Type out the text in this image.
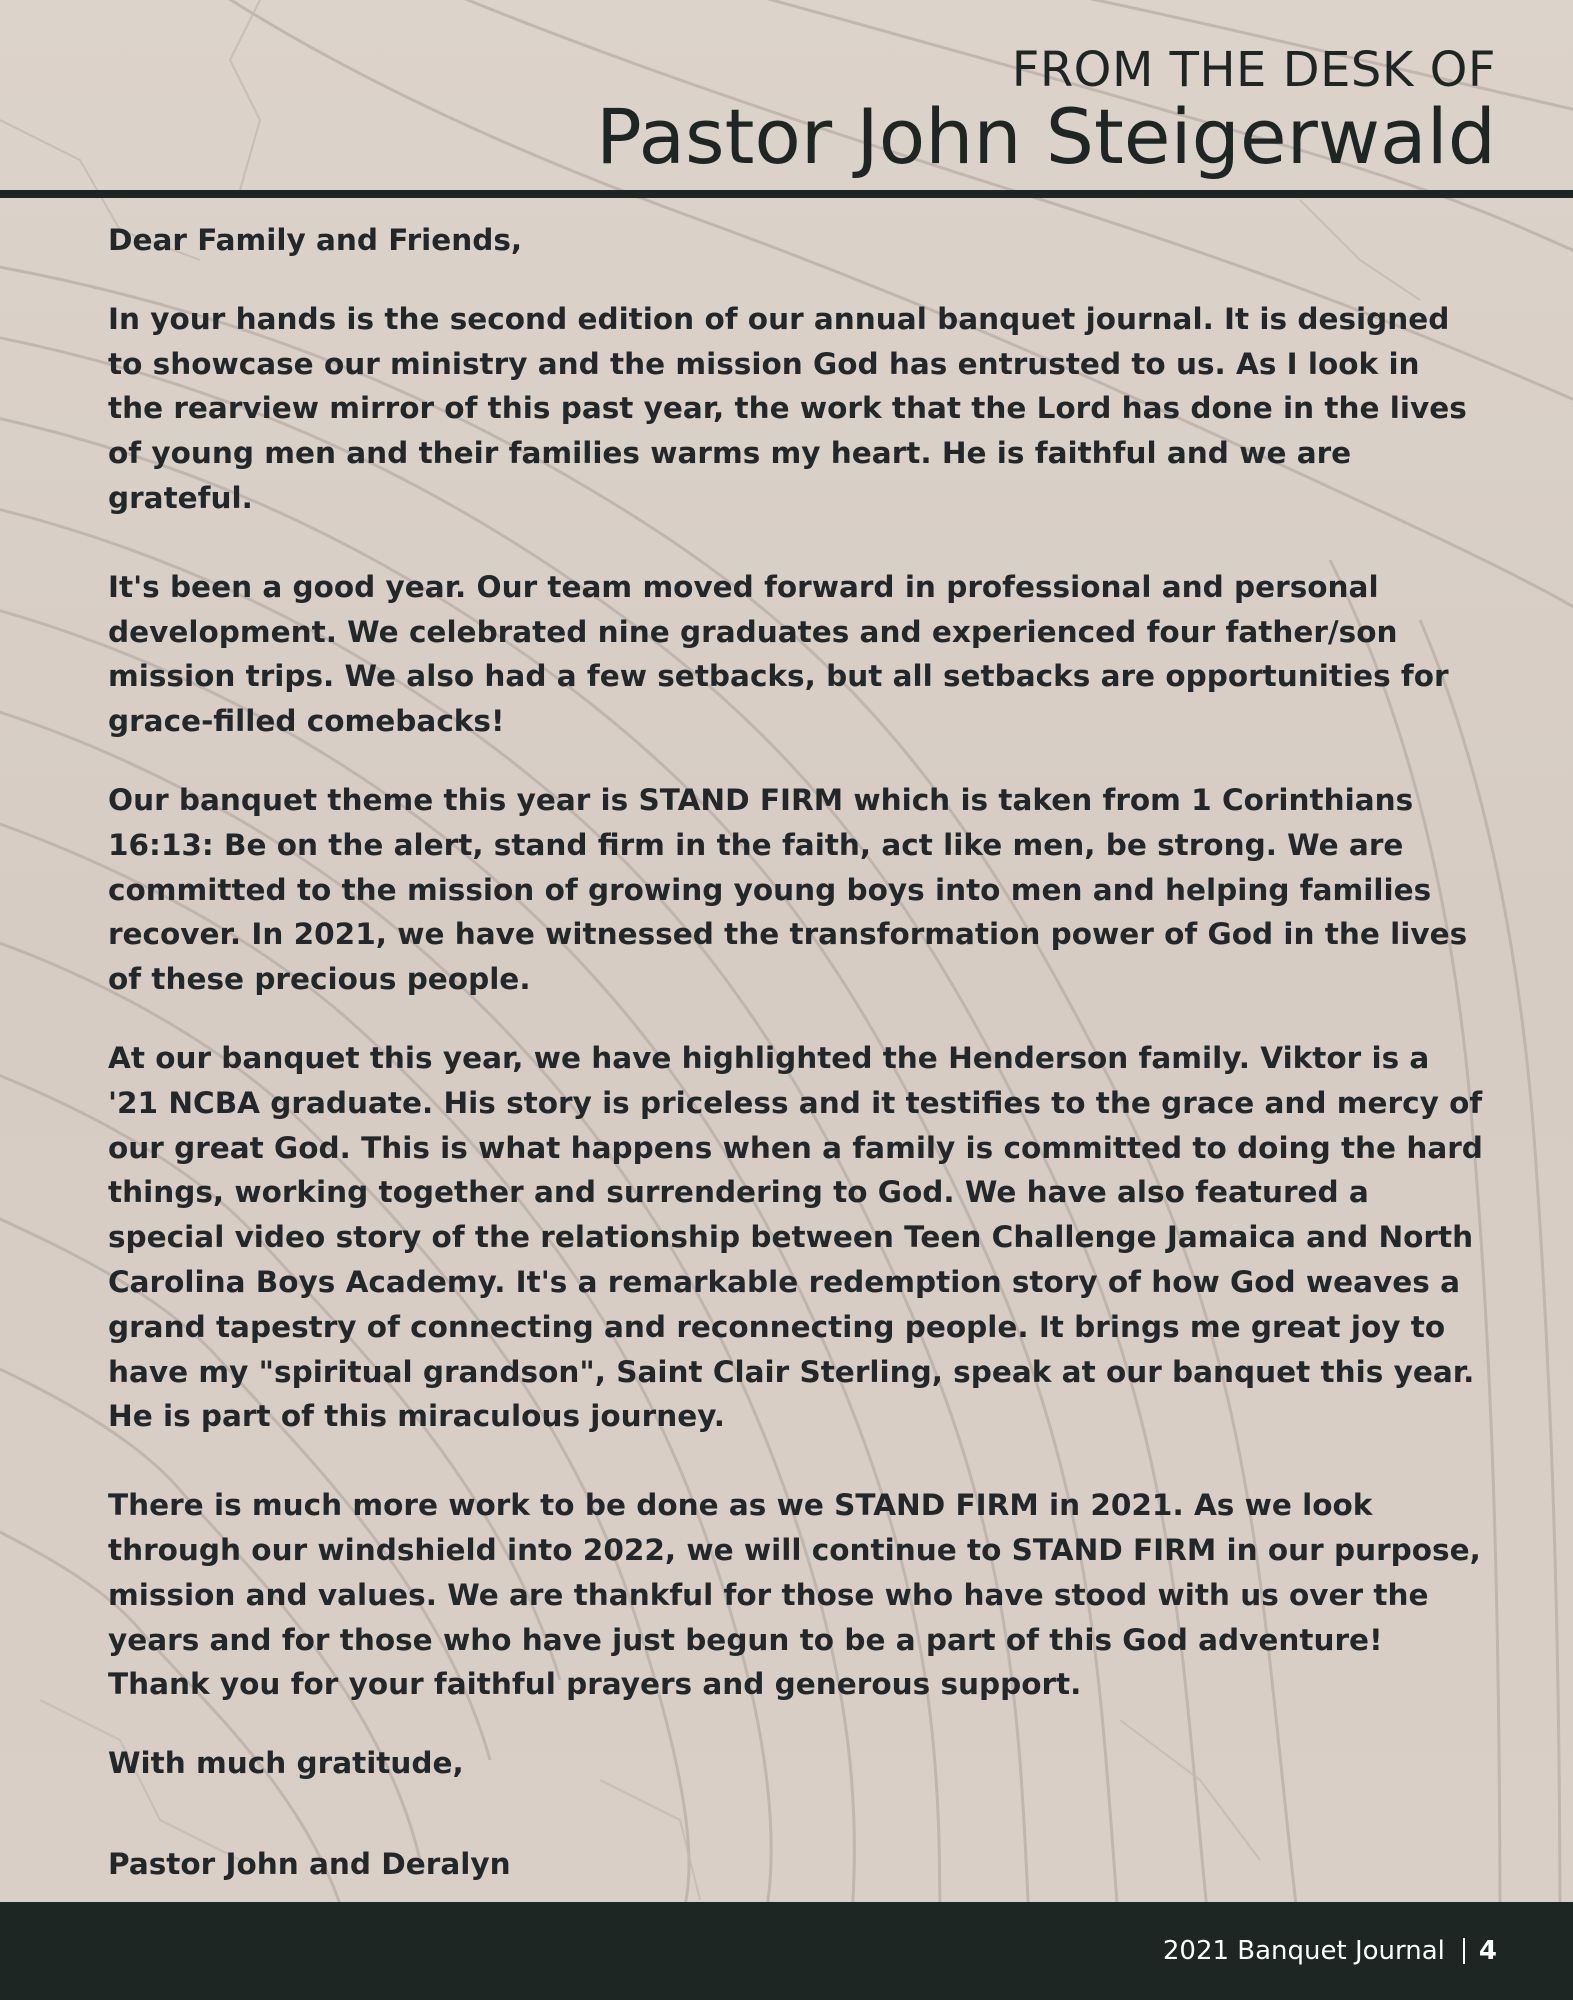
FROM THE DESK OF
Pastor John Steigerwald

Dear Family and Friends,

In your hands is the second edition of our annual banquet journal. It is designed to showcase our ministry and the mission God has entrusted to us. As I look in the rearview mirror of this past year, the work that the Lord has done in the lives of young men and their families warms my heart. He is faithful and we are grateful.

It's been a good year. Our team moved forward in professional and personal development. We celebrated nine graduates and experienced four father/son mission trips. We also had a few setbacks, but all setbacks are opportunities for grace-filled comebacks!

Our banquet theme this year is STAND FIRM which is taken from 1 Corinthians 16:13: Be on the alert, stand firm in the faith, act like men, be strong. We are committed to the mission of growing young boys into men and helping families recover. In 2021, we have witnessed the transformation power of God in the lives of these precious people.

At our banquet this year, we have highlighted the Henderson family. Viktor is a '21 NCBA graduate. His story is priceless and it testifies to the grace and mercy of our great God. This is what happens when a family is committed to doing the hard things, working together and surrendering to God. We have also featured a special video story of the relationship between Teen Challenge Jamaica and North Carolina Boys Academy. It's a remarkable redemption story of how God weaves a grand tapestry of connecting and reconnecting people. It brings me great joy to have my "spiritual grandson", Saint Clair Sterling, speak at our banquet this year. He is part of this miraculous journey.

There is much more work to be done as we STAND FIRM in 2021. As we look through our windshield into 2022, we will continue to STAND FIRM in our purpose, mission and values. We are thankful for those who have stood with us over the years and for those who have just begun to be a part of this God adventure! Thank you for your faithful prayers and generous support.

With much gratitude,

Pastor John and Deralyn

2021 Banquet Journal 4
